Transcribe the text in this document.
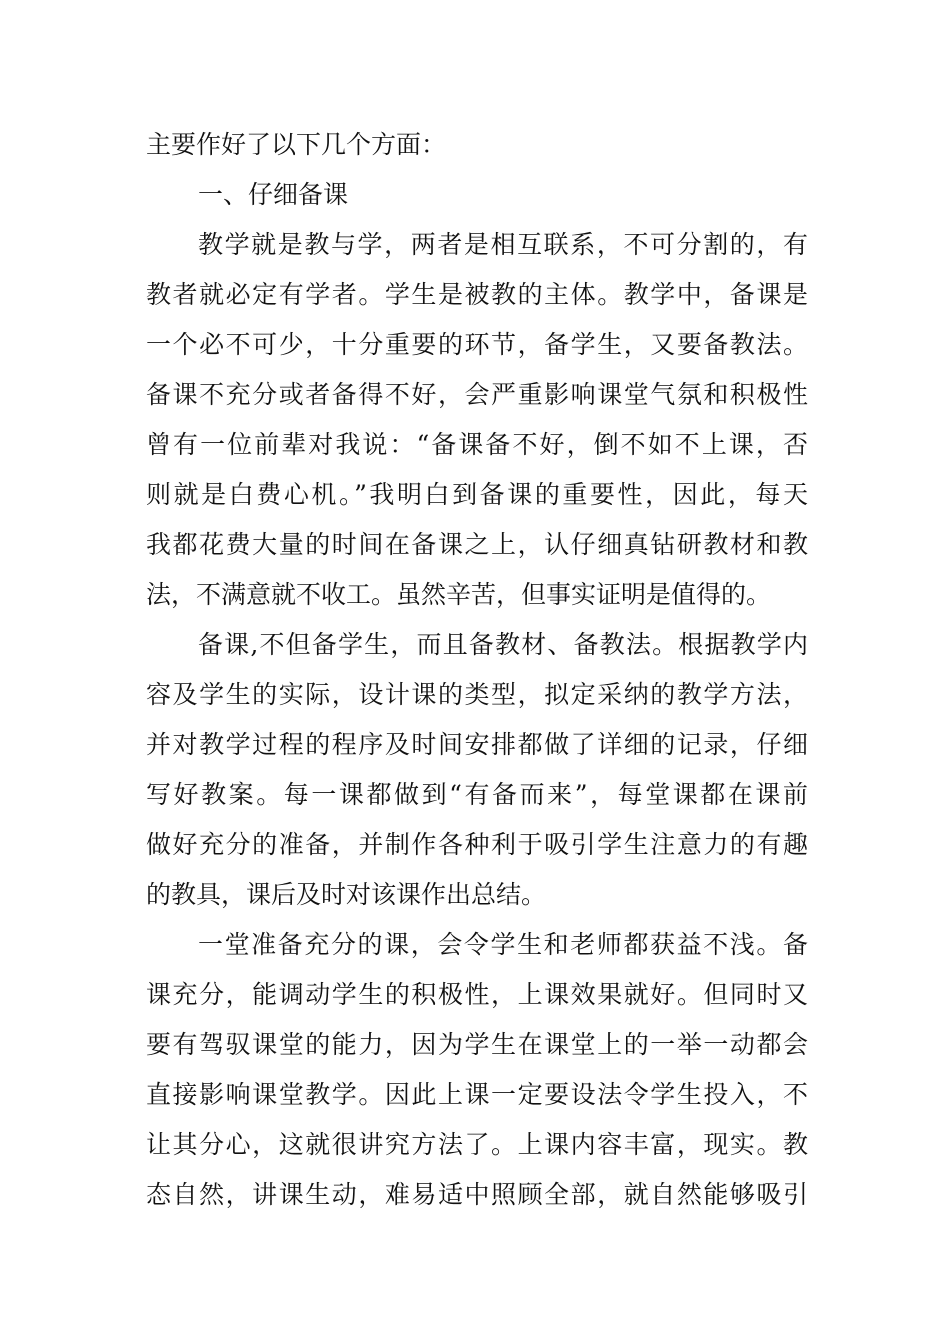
主要作好了以下几个方面：
一、仔细备课
教学就是教与学，两者是相互联系，不可分割的，有
教者就必定有学者。学生是被教的主体。教学中，备课是
一个必不可少，十分重要的环节，备学生，又要备教法。
备课不充分或者备得不好，会严重影响课堂气氛和积极性
曾有一位前辈对我说：“备课备不好，倒不如不上课，否
则就是白费心机。”我明白到备课的重要性，因此，每天
我都花费大量的时间在备课之上，认仔细真钻研教材和教
法，不满意就不收工。虽然辛苦，但事实证明是值得的。
备课,不但备学生，而且备教材、备教法。根据教学内
容及学生的实际，设计课的类型，拟定采纳的教学方法，
并对教学过程的程序及时间安排都做了详细的记录，仔细
写好教案。每一课都做到“有备而来”，每堂课都在课前
做好充分的准备，并制作各种利于吸引学生注意力的有趣
的教具，课后及时对该课作出总结。
一堂准备充分的课，会令学生和老师都获益不浅。备
课充分，能调动学生的积极性，上课效果就好。但同时又
要有驾驭课堂的能力，因为学生在课堂上的一举一动都会
直接影响课堂教学。因此上课一定要设法令学生投入，不
让其分心，这就很讲究方法了。上课内容丰富，现实。教
态自然，讲课生动，难易适中照顾全部，就自然能够吸引
